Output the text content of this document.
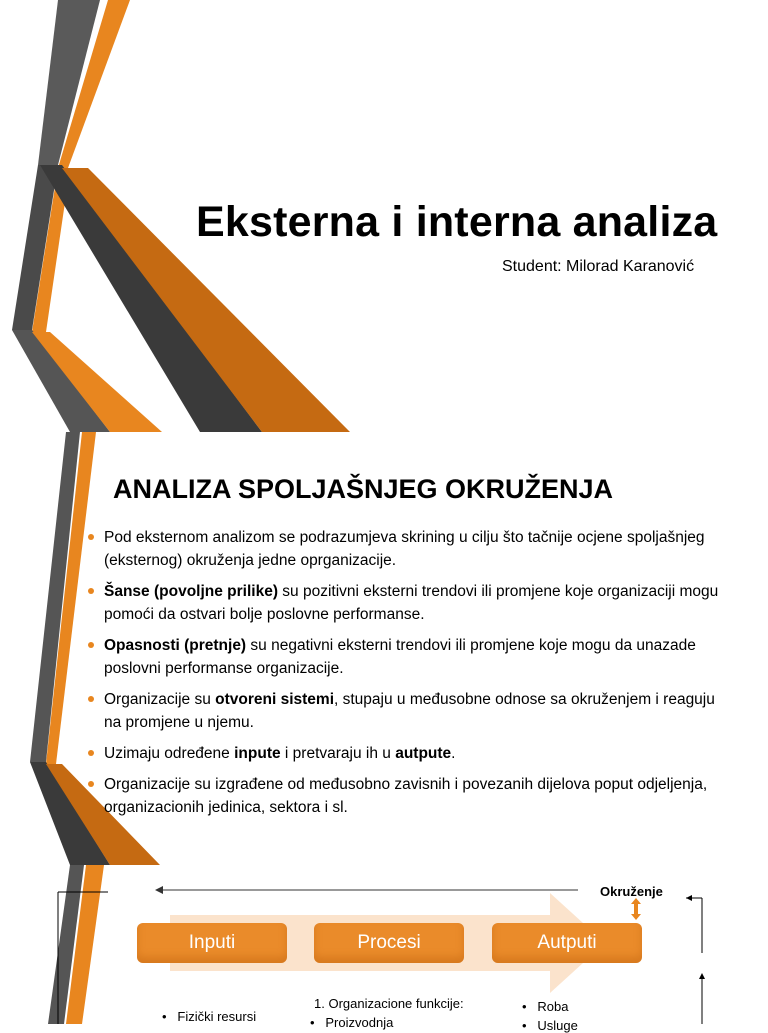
Eksterna i interna analiza
Student: Milorad Karanović
ANALIZA SPOLJAŠNJEG OKRUŽENJA
Pod eksternom analizom se podrazumjeva skrining u cilju što tačnije ocjene spoljašnjeg (eksternog) okruženja jedne oprganizacije.
Šanse (povoljne prilike) su pozitivni eksterni trendovi ili promjene koje organizaciji mogu pomoći da ostvari bolje poslovne performanse.
Opasnosti (pretnje) su negativni eksterni trendovi ili promjene koje mogu da unazade poslovni performanse organizacije.
Organizacije su otvoreni sistemi, stupaju u međusobne odnose sa okruženjem i reaguju na promjene u njemu.
Uzimaju određene inpute i pretvaraju ih u autpute.
Organizacije su izgrađene od međusobno zavisnih i povezanih dijelova poput odjeljenja, organizacionih jedinica, sektora i sl.
Okruženje
Inputi	Procesi	Autputi
•   Fizički resursi
1. Organizacione funkcije:
•   Proizvodnja
•   Roba
•   Usluge
